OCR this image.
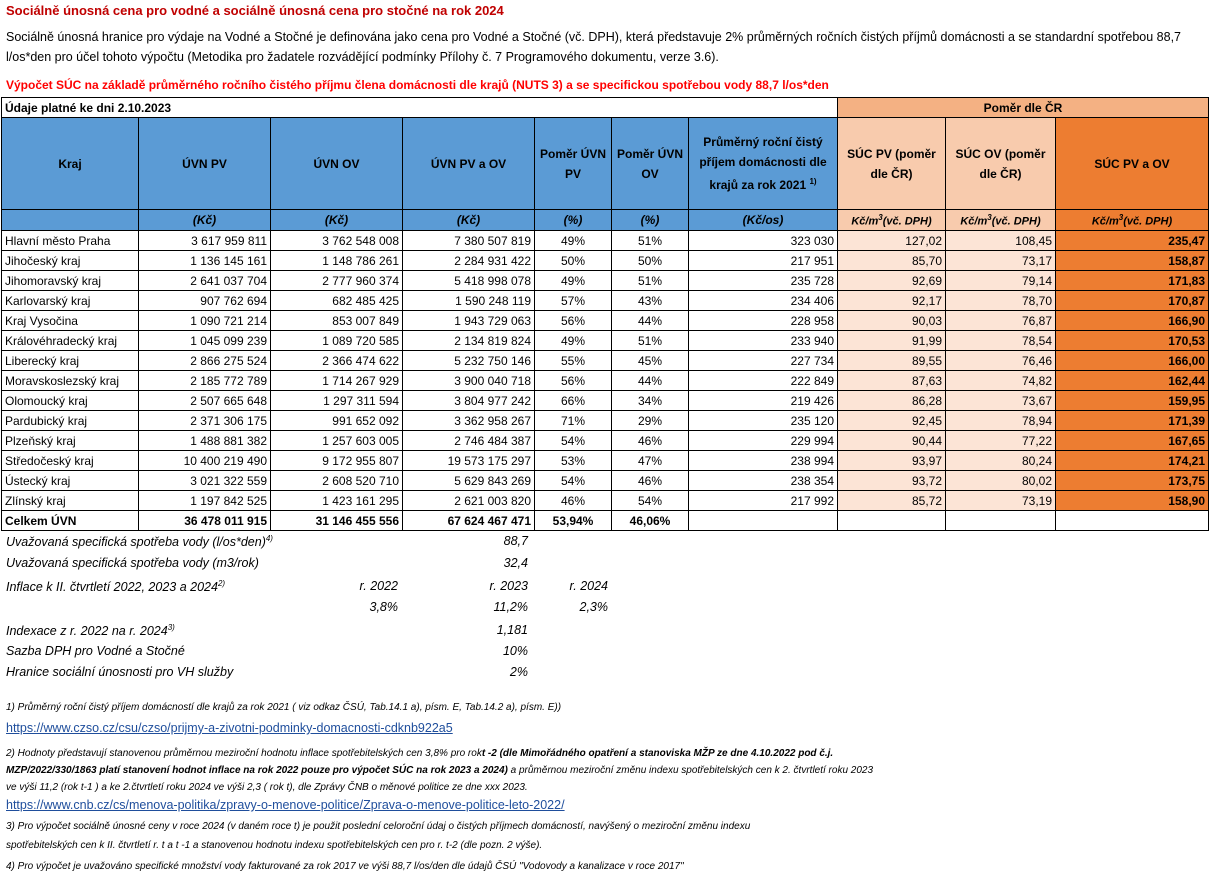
Sociálně únosná cena pro vodné a sociálně únosná cena pro stočné na rok 2024
Sociálně únosná hranice pro výdaje na Vodné a Stočné je definována jako cena pro Vodné a Stočné (vč. DPH), která představuje 2% průměrných ročních čistých příjmů domácnosti a se standardní spotřebou 88,7 l/os*den pro účel tohoto výpočtu (Metodika pro žadatele rozvádějící podmínky Přílohy č. 7 Programového dokumentu, verze 3.6).
Výpočet SÚC na základě průměrného ročního čistého příjmu člena domácnosti dle krajů (NUTS 3) a se specifickou spotřebou vody 88,7 l/os*den
Údaje platné ke dni 2.10.2023							Poměr dle ČR		
Kraj	ÚVN PV	ÚVN OV	ÚVN PV a OV	Poměr ÚVN PV	Poměr ÚVN OV	Průměrný roční čistý příjem domácnosti dle krajů za rok 2021 $^{1)}$	SÚC PV (poměr dle ČR)	SÚC OV (poměr dle ČR)	SÚC PV a OV
	(Kč)	(Kč)	(Kč)	(%)	(%)	(Kč/os)	$Kč/m^3(vč$. DPH)	$Kč/m^3(vč$. DPH)	$Kč/m^3(vč$. DPH)
Hlavní město Praha	3 617 959 811	3 762 548 008	7 380 507 819	49%	51%	323 030	127,02	108,45	235,47
Jihočeský kraj	1 136 145 161	1 148 786 261	2 284 931 422	50%	50%	217 951	85,70	73,17	158,87
Jihomoravský kraj	2 641 037 704	2 777 960 374	5 418 998 078	49%	51%	235 728	92,69	79,14	171,83
Karlovarský kraj	907 762 694	682 485 425	1 590 248 119	57%	43%	234 406	92,17	78,70	170,87
Kraj Vysočina	1 090 721 214	853 007 849	1 943 729 063	56%	44%	228 958	90,03	76,87	166,90
Královéhradecký kraj	1 045 099 239	1 089 720 585	2 134 819 824	49%	51%	233 940	91,99	78,54	170,53
Liberecký kraj	2 866 275 524	2 366 474 622	5 232 750 146	55%	45%	227 734	89,55	76,46	166,00
Moravskoslezský kraj	2 185 772 789	1 714 267 929	3 900 040 718	56%	44%	222 849	87,63	74,82	162,44
Olomoucký kraj	2 507 665 648	1 297 311 594	3 804 977 242	66%	34%	219 426	86,28	73,67	159,95
Pardubický kraj	2 371 306 175	991 652 092	3 362 958 267	71%	29%	235 120	92,45	78,94	171,39
Plzeňský kraj	1 488 881 382	1 257 603 005	2 746 484 387	54%	46%	229 994	90,44	77,22	167,65
Středočeský kraj	10 400 219 490	9 172 955 807	19 573 175 297	53%	47%	238 994	93,97	80,24	174,21
Ústecký kraj	3 021 322 559	2 608 520 710	5 629 843 269	54%	46%	238 354	93,72	80,02	173,75
Zlínský kraj	1 197 842 525	1 423 161 295	2 621 003 820	46%	54%	217 992	85,72	73,19	158,90
Celkem ÚVN	36 478 011 915	31 146 455 556	67 624 467 471	53,94%	46,06%				
Uvažovaná specifická spotřeba vody $(l/os*den)^{4)}$	88,7
Uvažovaná specifická spotřeba vody (m3/rok)	32,4
Inflace k II. čtvrtletí 2022, 2023 a 2024$^{2)}$	r. 2022	r. 2023	r. 2024
3,8%	11,2%	2,3%
Indexace z r. 2022 na r. 2024$^{3)}$	1,181
Sazba DPH pro Vodné a Stočné	10%
Hranice sociální únosnosti pro VH služby	2%
1) Průměrný roční čistý příjem domácností dle krajů za rok 2021 ( viz odkaz ČSÚ, Tab.14.1 a), písm. E, Tab.14.2 a), písm. E))
https://www.czso.cz/csu/czso/prijmy-a-zivotni-podminky-domacnosti-cdknb922a5
2) Hodnoty představují stanovenou průměrnou meziroční hodnotu inflace spotřebitelských cen 3,8% pro rokt -2 (dle Mimořádného opatření a stanoviska MŽP ze dne 4.10.2022 pod č.j.
MZP/2022/330/1863 platí stanovení hodnot inflace na rok 2022 pouze pro výpočet SÚC na rok 2023 a 2024) a průměrnou meziroční změnu indexu spotřebitelských cen k 2. čtvrtletí roku 2023
ve výši 11,2 (rok t-1 ) a ke 2.čtvrtletí roku 2024 ve výši 2,3 ( rok t), dle Zprávy ČNB o měnové politice ze dne xxx 2023.
https://www.cnb.cz/cs/menova-politika/zpravy-o-menove-politice/Zprava-o-menove-politice-leto-2022/
3) Pro výpočet sociálně únosné ceny v roce 2024 (v daném roce t) je použit poslední celoroční údaj o čistých příjmech domácností, navýšený o meziroční změnu indexu
spotřebitelských cen k II. čtvrtletí r. t a t -1 a stanovenou hodnotu indexu spotřebitelských cen pro r. t-2 (dle pozn. 2 výše).
4) Pro výpočet je uvažováno specifické množství vody fakturované za rok 2017 ve výši 88,7 l/os/den dle údajů ČSÚ "Vodovody a kanalizace v roce 2017"
